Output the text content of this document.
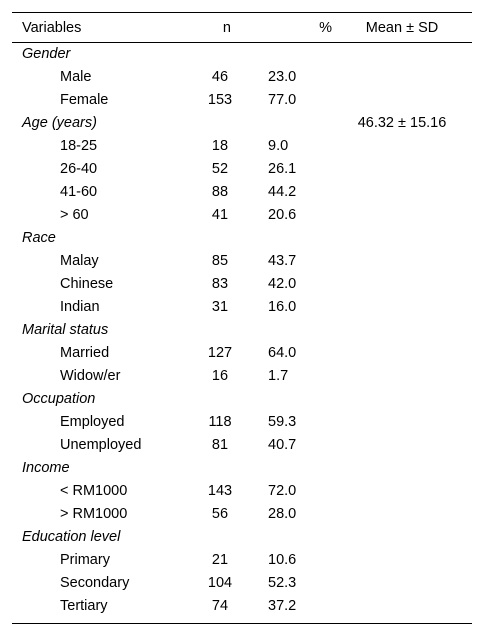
Variables	n	%	Mean ± SD
Gender			
Male	46	23.0	
Female	153	77.0	
Age (years)			46.32 ± 15.16
18-25	18	9.0	
26-40	52	26.1	
41-60	88	44.2	
> 60	41	20.6	
Race			
Malay	85	43.7	
Chinese	83	42.0	
Indian	31	16.0	
Marital status			
Married	127	64.0	
Widow/er	16	1.7	
Occupation			
Employed	118	59.3	
Unemployed	81	40.7	
Income			
< RM1000	143	72.0	
> RM1000	56	28.0	
Education level			
Primary	21	10.6	
Secondary	104	52.3	
Tertiary	74	37.2	
